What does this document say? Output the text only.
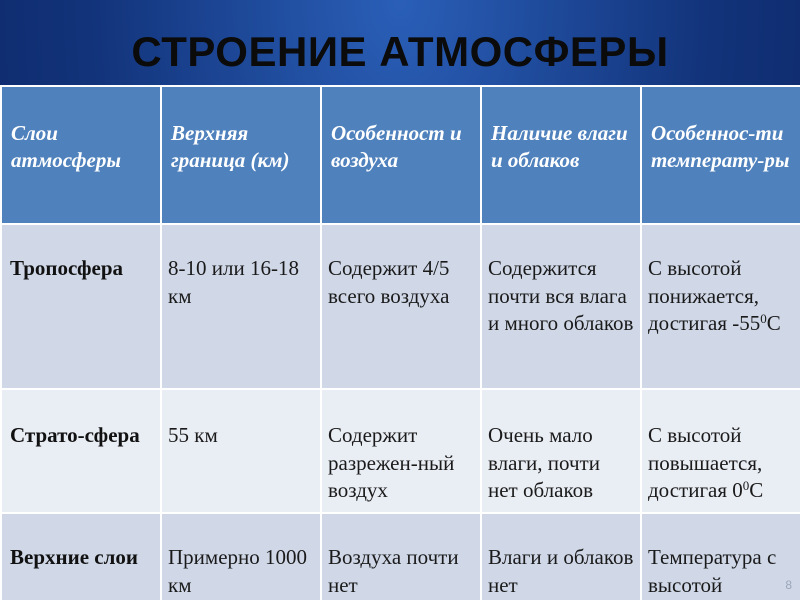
СТРОЕНИЕ АТМОСФЕРЫ
Слои атмосферы	Верхняя граница (км)	Особенност и воздуха	Наличие влаги и облаков	Особеннос-ти температу-ры
Тропосфера	8-10 или 16-18 км	Содержит 4/5 всего воздуха	Содержится почти вся влага и много облаков	С высотой понижается, достигая $-55^0С$
Страто-сфера	55 км	Содержит разрежен-ный воздух	Очень мало влаги, почти нет облаков	С высотой повышается, достигая $0^0С$
Верхние слои	Примерно 1000 км	Воздуха почти нет	Влаги и облаков нет	Температура с высотой	8
